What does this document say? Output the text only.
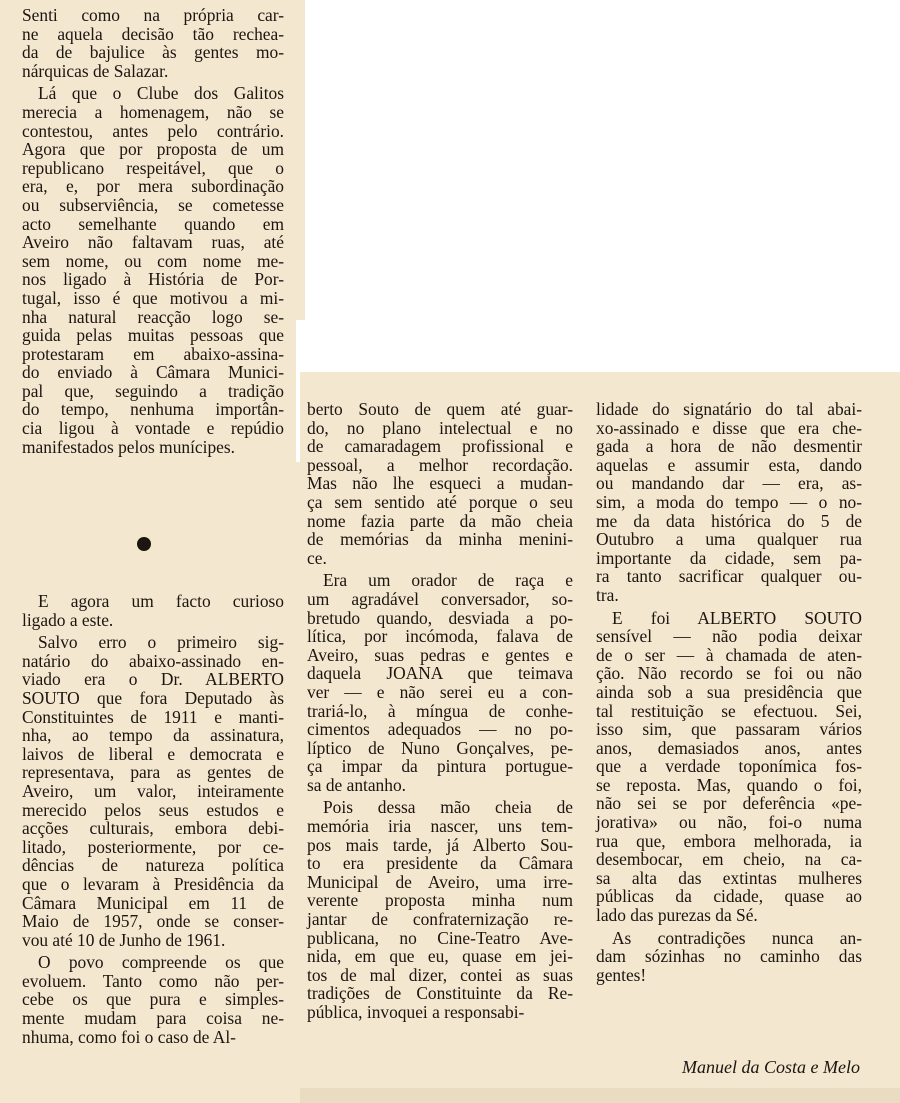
Senti como na própria car-
ne aquela decisão tão rechea-
da de bajulice às gentes mo-
nárquicas de Salazar.
Lá que o Clube dos Galitos
merecia a homenagem, não se
contestou, antes pelo contrário.
Agora que por proposta de um
republicano respeitável, que o
era, e, por mera subordinação
ou subserviência, se cometesse
acto semelhante quando em
Aveiro não faltavam ruas, até
sem nome, ou com nome me-
nos ligado à História de Por-
tugal, isso é que motivou a mi-
nha natural reacção logo se-
guida pelas muitas pessoas que
protestaram em abaixo-assina-
do enviado à Câmara Munici-
pal que, seguindo a tradição
do tempo, nenhuma importân-
cia ligou à vontade e repúdio
manifestados pelos munícipes.
E agora um facto curioso
ligado a este.
Salvo erro o primeiro sig-
natário do abaixo-assinado en-
viado era o Dr. ALBERTO
SOUTO que fora Deputado às
Constituintes de 1911 e manti-
nha, ao tempo da assinatura,
laivos de liberal e democrata e
representava, para as gentes de
Aveiro, um valor, inteiramente
merecido pelos seus estudos e
acções culturais, embora debi-
litado, posteriormente, por ce-
dências de natureza política
que o levaram à Presidência da
Câmara Municipal em 11 de
Maio de 1957, onde se conser-
vou até 10 de Junho de 1961.
O povo compreende os que
evoluem. Tanto como não per-
cebe os que pura e simples-
mente mudam para coisa ne-
nhuma, como foi o caso de Al-
berto Souto de quem até guar-
do, no plano intelectual e no
de camaradagem profissional e
pessoal, a melhor recordação.
Mas não lhe esqueci a mudan-
ça sem sentido até porque o seu
nome fazia parte da mão cheia
de memórias da minha menini-
ce.
Era um orador de raça e
um agradável conversador, so-
bretudo quando, desviada a po-
lítica, por incómoda, falava de
Aveiro, suas pedras e gentes e
daquela JOANA que teimava
ver — e não serei eu a con-
trariá-lo, à míngua de conhe-
cimentos adequados — no po-
líptico de Nuno Gonçalves, pe-
ça impar da pintura portugue-
sa de antanho.
Pois dessa mão cheia de
memória iria nascer, uns tem-
pos mais tarde, já Alberto Sou-
to era presidente da Câmara
Municipal de Aveiro, uma irre-
verente proposta minha num
jantar de confraternização re-
publicana, no Cine-Teatro Ave-
nida, em que eu, quase em jei-
tos de mal dizer, contei as suas
tradições de Constituinte da Re-
pública, invoquei a responsabi-
lidade do signatário do tal abai-
xo-assinado e disse que era che-
gada a hora de não desmentir
aquelas e assumir esta, dando
ou mandando dar — era, as-
sim, a moda do tempo — o no-
me da data histórica do 5 de
Outubro a uma qualquer rua
importante da cidade, sem pa-
ra tanto sacrificar qualquer ou-
tra.
E foi ALBERTO SOUTO
sensível — não podia deixar
de o ser — à chamada de aten-
ção. Não recordo se foi ou não
ainda sob a sua presidência que
tal restituição se efectuou. Sei,
isso sim, que passaram vários
anos, demasiados anos, antes
que a verdade toponímica fos-
se reposta. Mas, quando o foi,
não sei se por deferência «pe-
jorativa» ou não, foi-o numa
rua que, embora melhorada, ia
desembocar, em cheio, na ca-
sa alta das extintas mulheres
públicas da cidade, quase ao
lado das purezas da Sé.
As contradições nunca an-
dam sózinhas no caminho das
gentes!
Manuel da Costa e Melo
